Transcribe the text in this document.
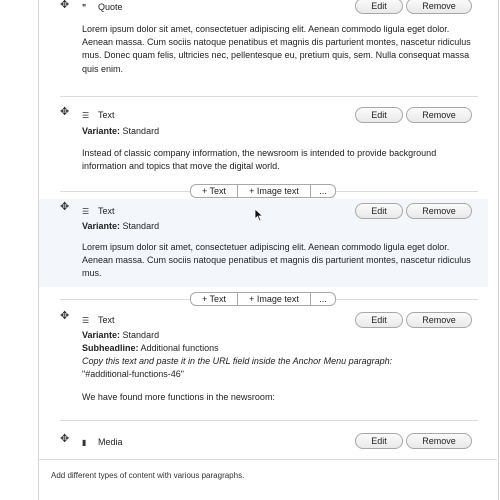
Edit	Remove
✥ ❞ Quote

Lorem ipsum dolor sit amet, consectetuer adipiscing elit. Aenean commodo ligula eget dolor. Aenean massa. Cum sociis natoque penatibus et magnis dis parturient montes, nascetur ridiculus mus. Donec quam felis, ultricies nec, pellentesque eu, pretium quis, sem. Nulla consequat massa quis enim.

✥ ☰ Text	Edit	Remove
Variante: Standard

Instead of classic company information, the newsroom is intended to provide background information and topics that move the digital world.

+ Text	+ Image text	...
✥ ☰ Text	Edit	Remove
Variante: Standard

Lorem ipsum dolor sit amet, consectetuer adipiscing elit. Aenean commodo ligula eget dolor. Aenean massa. Cum sociis natoque penatibus et magnis dis parturient montes, nascetur ridiculus mus.

+ Text	+ Image text	...
✥ ☰ Text	Edit	Remove
Variante: Standard
Subheadline: Additional functions

Copy this text and paste it in the URL field inside the Anchor Menu paragraph:

"#additional-functions-46"

We have found more functions in the newsroom:

✥ ▮ Media	Edit	Remove
Add different types of content with various paragraphs.
